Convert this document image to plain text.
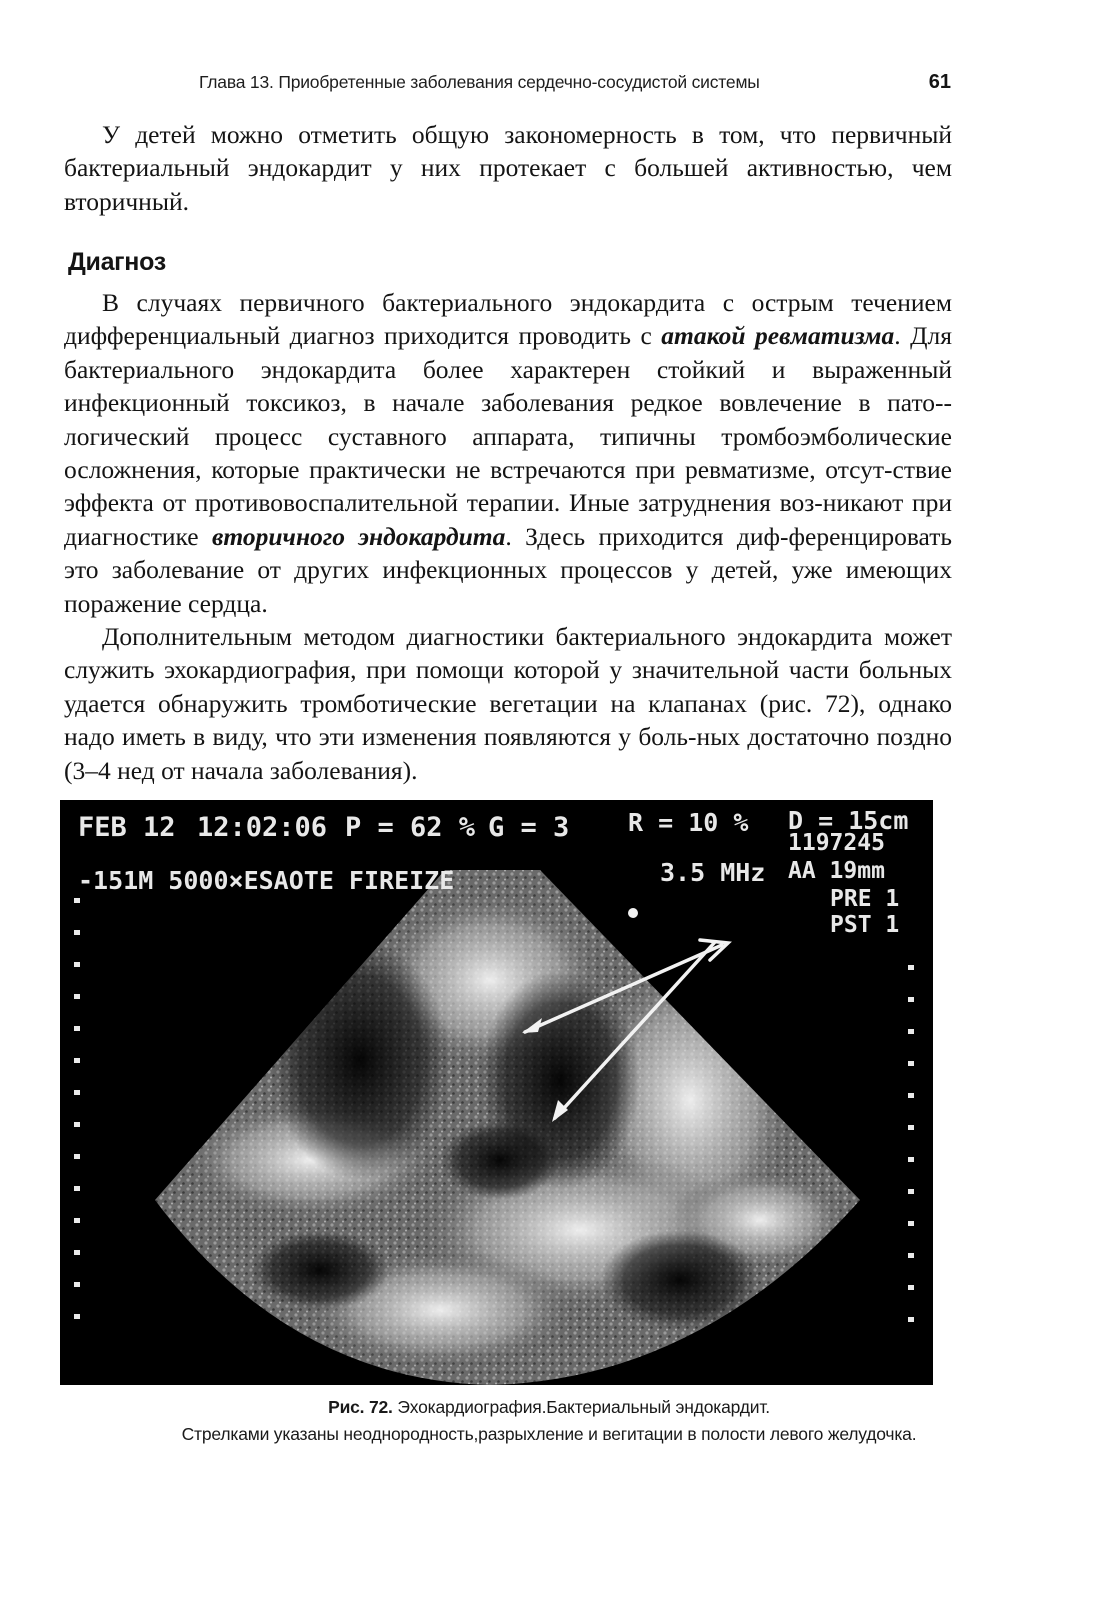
Глава 13. Приобретенные заболевания сердечно-сосудистой системы	61

У детей можно отметить общую закономерность в том, что первичный бактериальный эндокардит у них протекает с большей активностью, чем вторичный.

Диагноз

В случаях первичного бактериального эндокардита с острым течением дифференциальный диагноз приходится проводить с атакой ревматизма. Для бактериального эндокардита более характерен стойкий и выраженный инфекционный токсикоз, в начале заболевания редкое вовлечение в пато-логический процесс суставного аппарата, типичны тромбоэмболические осложнения, которые практически не встречаются при ревматизме, отсут-ствие эффекта от противовоспалительной терапии. Иные затруднения воз-никают при диагностике вторичного эндокардита. Здесь приходится диф-ференцировать это заболевание от других инфекционных процессов у детей, уже имеющих поражение сердца.

Дополнительным методом диагностики бактериального эндокардита может служить эхокардиография, при помощи которой у значительной части больных удается обнаружить тромботические вегетации на клапанах (рис. 72), однако надо иметь в виду, что эти изменения появляются у боль-ных достаточно поздно (3–4 нед от начала заболевания).

FEB 12 12:02:06 P = 62 % G = 3 R = 10 % D = 15cm
1197245
-151M 5000×ESAOTE FIREIZE	3.5 MHz AA 19mm
PRE 1
PST 1
Рис. 72. Эхокардиография.Бактериальный эндокардит.
Стрелками указаны неоднородность,разрыхление и вегитации в полости левого желудочка.
